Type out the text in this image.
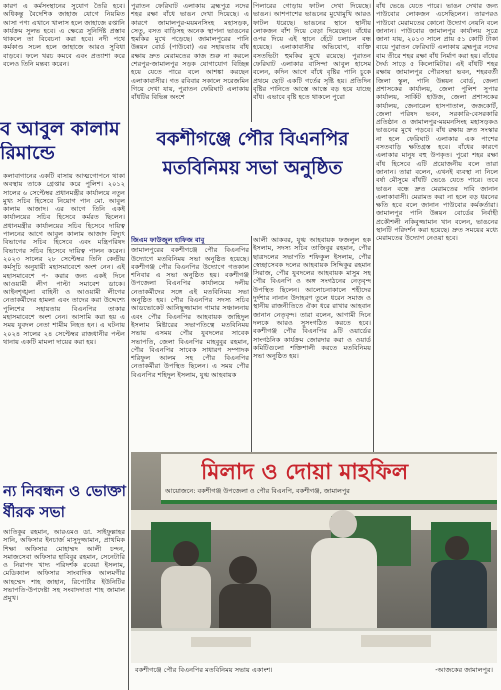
কারণ এ কর্মসংস্থানের সুযোগ তৈরি হবে। অধিকন্তু বৈদেশিক জাহাজ যোগে নিয়মিত আসা পণ্য এখানে খালাস হলে জাহাজে রপ্তানি কার্যক্রম সুলভ হবে। এ ক্ষেত্রে সুনির্দিষ্ট প্রস্তাব থাকলে তা বিবেচনা করা হবে। নদী পথে কর্মকাণ্ড সচল হলে জাহাজে আরও সুবিধা বাড়বে। ফলে খরচ কমবে এবং প্রত্যাশা করে বলেও তিনি মন্তব্য করেন।

ব আবুল কালাম
রিমান্ডে

কলাবাগানের একটি বাসায় আত্মগোপনে থাকা অবস্থায় তাকে গ্রেপ্তার করে পুলিশ। ২০১২ সালের ৬ সেপ্টেম্বর প্রধানমন্ত্রীর কার্যালয়ে নতুন মুখ্য সচিব হিসেবে নিয়োগ পান মো. আবুল কালাম আজাদ। এর আগে তিনি একই কার্যালয়ের সচিব হিসেবে কর্মরত ছিলেন। প্রধানমন্ত্রীর কার্যালয়ের সচিব হিসেবে দায়িত্ব পালনের আগে আবুল কালাম আজাদ বিদ্যুৎ বিভাগের সচিব হিসেবে এবং মন্ত্রিপরিষদ বিভাগের সচিব হিসেবে দায়িত্ব পালন করেন। ২০২৩ সালের ২৮ সেপ্টেম্বর তিনি কেন্দ্রীয় কর্মসূচি অনুযায়ী মহাসমাবেশে অংশ নেন। এই মহাসমাবেশে প- করার জন্য একই দিনে আওয়ামী লীগ পাল্টা সমাবেশ ডাকে। আইনশৃঙ্খলা বাহিনী ও আওয়ামী লীগের নেতাকর্মীদের হামলা এবং তাদের করা উদ্দেশ্যে পুলিশের সহায়তায় বিএনপির তাকার মহাসমাবেশে অংশ নেন। আসামি করা হয় এ সময় যুবদল নেতা শামীম নিহত হন। এ ঘটনায় ২০২৪ সালের ২৪ সেপ্টেম্বর রাজধানীর পল্টন থানায় একটি মামলা দায়ের করা হয়।

ন্য নিবন্ধন ও ভোক্তা
র্ষীরক সভা

আতিকুর রহমান, আরএমও ডা. সাইফুল্লাহর সানি, অফিসার ইনচার্জ মাসুদুজ্জামান, প্রাথমিক শিক্ষা অফিসার মোহাম্মদ আলী চন্দন, সমাজসেবা অফিসার হাবিবুর রহমান, সেনেটারি ও নিরাপদ খাদ্য পরিদর্শক রবেয়া ইসলাম, মেডিক্যাল অফিসার সাংবাদিক আলমগীর আহম্মেদ শাহ জাহান, রিপোর্টার ইউনিটির সভাপতি-উপদেষ্টা সহ সংবাদদাতা শাহ জামাল প্রমুখ।

পুরাতন ফেরিঘাট এলাকায় ব্রহ্মপুত্র নদের শহর রক্ষা বাঁধে ভাঙন দেখা দিয়েছে। এ কারণে জামালপুর-ময়মনসিংহ মহাসড়ক, সেতু, বসত বাড়িসহ অনেক স্থাপনা ভাঙনের হুমকির মুখে পড়েছে। জামালপুরের পানি উন্নয়ন বোর্ড (পাউবো) এর সহায়তায় বাঁধ রক্ষায় দ্রুত মেরামতের কাজ শুরু না করলে শেরপুর-জামালপুর সড়ক যোগাযোগ বিচ্ছিন্ন হয়ে যেতে পারে বলে আশঙ্কা করছেন এলাকাবাসীর। গত রবিবার সকালে সরেজমিন গিয়ে দেখা যায়, পুরাতন ফেরিঘাট এলাকায় বাঁধটির বিভিন্ন অংশে

পিলারের গোড়ায় ফাটল দেখা দিয়েছে। ভাঙন। আশপাশের ভাঙনের মুখোমুখি আরও ফাটল ধরেছে। ভাঙনের স্থানে স্থানীয় লোকজন বাঁশ দিয়ে বেড়া দিয়েছেন। বাঁধের ওপর দিয়ে এই স্থানে হেঁটে চলাচল বন্ধ হয়েছে। এলাকাবাসীর অভিযোগ, ব্যক্তি বসতভিটা হুমকির মুখে রয়েছে। পুরাতন ফেরিঘাট এলাকার বাসিন্দা আবুল হাসেম বলেন, কদিন আগে বাঁধে বৃষ্টির পানি চুকে প্রথমে ছোট একটি গর্তের সৃষ্টি হয়। প্রতিদিন বৃষ্টির পানিতে আস্তে আস্তে বড় হয়ে যাচ্ছে বাঁধ। এভাবে বৃষ্টি হতে থাকলে পুরো

বাঁধ ভেঙে যেতে পারে। ভাঙন দেখার জন্য পাউবোর লোকজন এসেছিলেন। তারপরও পাউবো মেরামতের কোনো উদ্যোগ নেয়নি বলে জানান। পাউবোর জামালপুর কার্যালয় সূত্রে জানা যায়, ২০১৩ সালে প্রায় ৫১ কোটি টাকা ব্যয়ে পুরাতন ফেরিঘাট এলাকায় ব্রহ্মপুত্র নদের বাম তীরে শহর রক্ষা বাঁধ নির্মাণ করা হয়। বাঁধের দৈর্ঘ্য সাড়ে ৫ কিলোমিটার। এই বাঁধটি শহর রক্ষায় জামালপুর পৌরসভা ভবন, শহরবর্তী জিলা স্কুল, পানি উন্নয়ন বোর্ড, জেলা প্রশাসকের কার্যালয়, জেলা পুলিশ সুপার কার্যালয়, সার্কিট হাউজ, জেলা প্রশাসকের কার্যালয়, জেনারেল হাসপাতাল, জজকোর্ট, জেলা পরিষদ ভবন, সরকারি-বেসরকারি প্রতিষ্ঠান ও জামালপুর-ময়মনসিংহ মহাসড়কও ভাঙনের মুখে পড়বে। বাঁধ রক্ষায় দ্রুত সংস্কার না হলে ফেরিঘাট এলাকার এক পাশের বসতবাড়ি ক্ষতিগ্রস্ত হবে। বাঁধের কারণে এলাকার মানুষ বহু উপকৃত। পুরো শহর রক্ষা বাঁধ হিসেবে এটি প্রয়োজনীয় বলে তারা জানান। তারা বলেন, এখনই ব্যবস্থা না নিলে বর্ষা মৌসুমে বাঁধটি ভেঙে যেতে পারে। তবে ভাঙন বন্ধে দ্রুত মেরামতের দাবি জানান এলাকাবাসী। মেরামত করা না হলে বড় ধরনের ক্ষতি হবে বলে জানান পাউবোর কর্মকর্তারা। জামালপুর পানি উন্নয়ন বোর্ডের নির্বাহী প্রকৌশলী নকিবুজ্জামান খান বলেন, ভাঙনের স্থানটি পরিদর্শন করা হয়েছে। দ্রুত সময়ের মধ্যে মেরামতের উদ্যোগ নেওয়া হবে।

বকশীগঞ্জে পৌর বিএনপির
মতবিনিময় সভা অনুষ্ঠিত

জিএম ফাউজুল হাফিজ বাবু

জামালপুরের বকশীগঞ্জে পৌর বিএনপির উদ্যোগে মতবিনিময় সভা অনুষ্ঠিত হয়েছে। বকশীগঞ্জ পৌর বিএনপির উদ্যোগে গতকাল শনিবার এ সভা অনুষ্ঠিত হয়। বকশীগঞ্জ উপজেলা বিএনপির কার্যালয়ে দলীয় নেতাকর্মীদের সঙ্গে এই মতবিনিময় সভা অনুষ্ঠিত হয়। পৌর বিএনপির সদস্য সচিব আডভোকেট আনিছুজ্জামান গামার সঞ্চালনায় এবং পৌর বিএনপির আহবায়ক জাহিদুল ইসলাম মিষ্টারের সভাপতিত্বে মতবিনিময় সভায় এসময় পৌর যুবদলের সাবেক সভাপতি, জেলা বিএনপির মাহবুবুর রহমান, পৌর বিএনপির সাবেক সাধারণ সম্পাদক শরিফুল আলম সহ পৌর বিএনপির নেতাকর্মীরা উপস্থিত ছিলেন। এ সময় পৌর বিএনপির শহিদুল ইসলাম, যুগ্ম আহবায়ক

আলী আকবর, যুগ্ম আহবায়ক ফজলুল হক ইসলাম, সদস্য সচিব তাজিবুর রহমান, পৌর ছাত্রদলের সভাপতি শফিকুল ইসলাম, পৌর স্বেচ্ছাসেবক দলের আহবায়ক সিদ্দিকুর রহমান সিরাজ, পৌর যুবদলের আহবায়ক মাসুম সহ পৌর বিএনপি ও অঙ্গ সংগঠনের নেতৃবৃন্দ উপস্থিত ছিলেন। আলোচনাকালে শহীদের দুর্দশার নানান উদাহরণ তুলে ধরেন সমাজ ও স্থানীয় রাজনীতিতে ঐক্য ধরে রাখার আহবান জানান নেতৃবৃন্দ। তারা বলেন, আগামী দিনে দলকে আরও সুসংগঠিত করতে হবে। বকশীগঞ্জ পৌর বিএনপির ৯টি ওয়ার্ডের সাংগঠনিক কার্যক্রম জোরদার করা ও ওয়ার্ড কমিটিগুলো শক্তিশালী করতে মতবিনিময় সভা অনুষ্ঠিত হয়।

মিলাদ ও দোয়া মাহফিল
আয়োজনে: বকশীগঞ্জ উপজেলা ও পৌর বিএনপি, বকশীগঞ্জ, জামালপুর
বকশীগঞ্জে পৌর বিএনপির মতবিনিময় সভায় একাংশ।	-আজকের জামালপুর।
